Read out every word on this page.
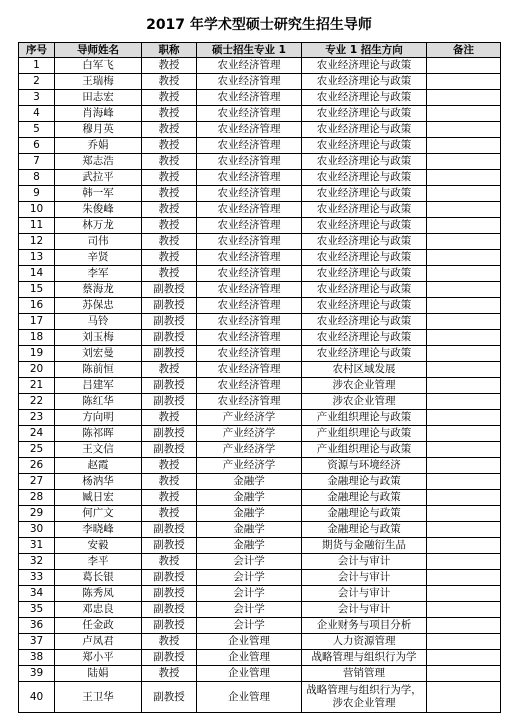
2017 年学术型硕士研究生招生导师
序号	导师姓名	职称	硕士招生专业 1	专业 1 招生方向	备注
1	白军飞	教授	农业经济管理	农业经济理论与政策	
2	王瑞梅	教授	农业经济管理	农业经济理论与政策	
3	田志宏	教授	农业经济管理	农业经济理论与政策	
4	肖海峰	教授	农业经济管理	农业经济理论与政策	
5	穆月英	教授	农业经济管理	农业经济理论与政策	
6	乔娟	教授	农业经济管理	农业经济理论与政策	
7	郑志浩	教授	农业经济管理	农业经济理论与政策	
8	武拉平	教授	农业经济管理	农业经济理论与政策	
9	韩一军	教授	农业经济管理	农业经济理论与政策	
10	朱俊峰	教授	农业经济管理	农业经济理论与政策	
11	林万龙	教授	农业经济管理	农业经济理论与政策	
12	司伟	教授	农业经济管理	农业经济理论与政策	
13	辛贤	教授	农业经济管理	农业经济理论与政策	
14	李军	教授	农业经济管理	农业经济理论与政策	
15	蔡海龙	副教授	农业经济管理	农业经济理论与政策	
16	苏保忠	副教授	农业经济管理	农业经济理论与政策	
17	马铃	副教授	农业经济管理	农业经济理论与政策	
18	刘玉梅	副教授	农业经济管理	农业经济理论与政策	
19	刘宏曼	副教授	农业经济管理	农业经济理论与政策	
20	陈前恒	教授	农业经济管理	农村区域发展	
21	吕建军	副教授	农业经济管理	涉农企业管理	
22	陈红华	副教授	农业经济管理	涉农企业管理	
23	方向明	教授	产业经济学	产业组织理论与政策	
24	陈祁晖	副教授	产业经济学	产业组织理论与政策	
25	王文信	副教授	产业经济学	产业组织理论与政策	
26	赵霞	教授	产业经济学	资源与环境经济	
27	杨汭华	教授	金融学	金融理论与政策	
28	臧日宏	教授	金融学	金融理论与政策	
29	何广文	教授	金融学	金融理论与政策	
30	李晓峰	副教授	金融学	金融理论与政策	
31	安毅	副教授	金融学	期货与金融衍生品	
32	李平	教授	会计学	会计与审计	
33	葛长银	副教授	会计学	会计与审计	
34	陈秀凤	副教授	会计学	会计与审计	
35	邓忠良	副教授	会计学	会计与审计	
36	任金政	副教授	会计学	企业财务与项目分析	
37	卢凤君	教授	企业管理	人力资源管理	
38	郑小平	副教授	企业管理	战略管理与组织行为学	
39	陆娟	教授	企业管理	营销管理	
40	王卫华	副教授	企业管理	战略管理与组织行为学，涉农企业管理	
